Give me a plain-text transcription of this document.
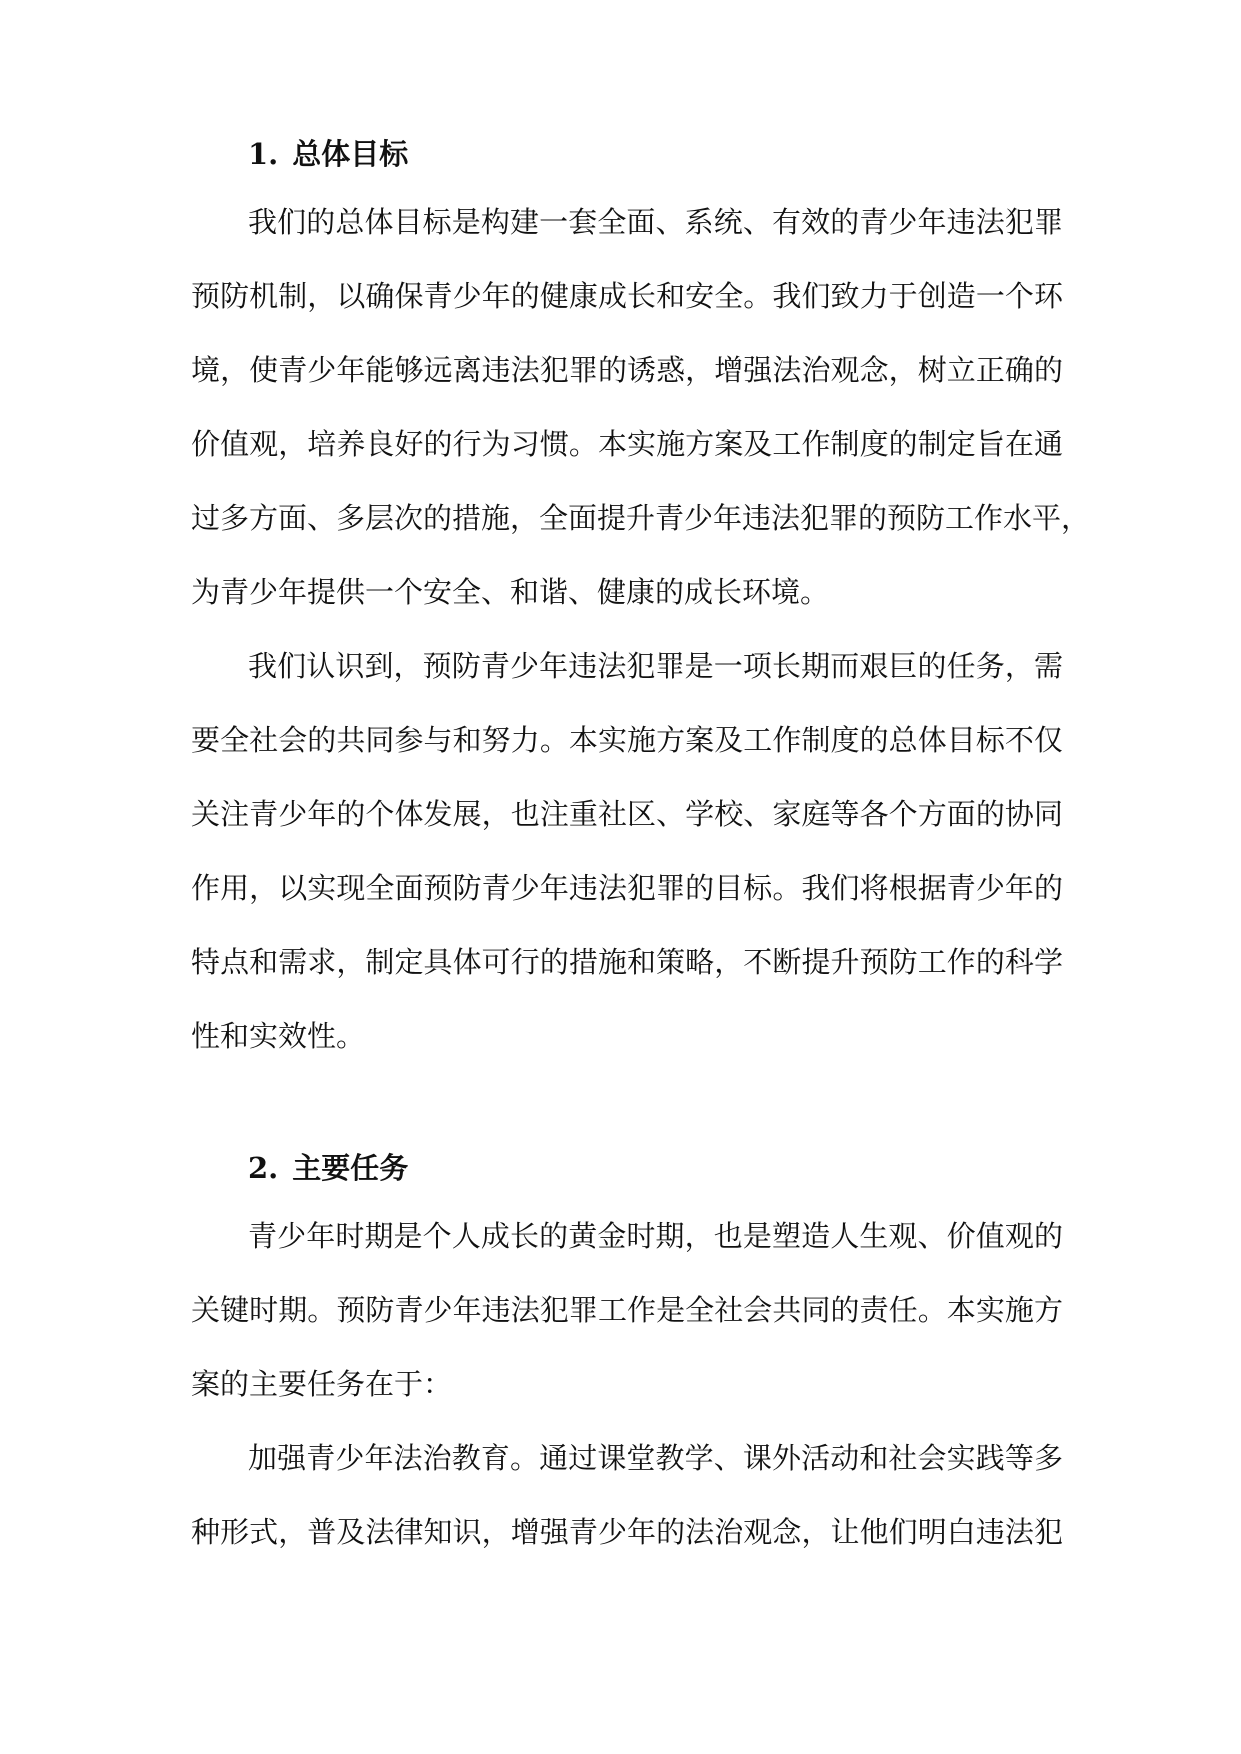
1. 总体目标
我们的总体目标是构建一套全面、系统、有效的青少年违法犯罪
预防机制，以确保青少年的健康成长和安全。我们致力于创造一个环
境，使青少年能够远离违法犯罪的诱惑，增强法治观念，树立正确的
价值观，培养良好的行为习惯。本实施方案及工作制度的制定旨在通
过多方面、多层次的措施，全面提升青少年违法犯罪的预防工作水平，
为青少年提供一个安全、和谐、健康的成长环境。
我们认识到，预防青少年违法犯罪是一项长期而艰巨的任务，需
要全社会的共同参与和努力。本实施方案及工作制度的总体目标不仅
关注青少年的个体发展，也注重社区、学校、家庭等各个方面的协同
作用，以实现全面预防青少年违法犯罪的目标。我们将根据青少年的
特点和需求，制定具体可行的措施和策略，不断提升预防工作的科学
性和实效性。
2. 主要任务
青少年时期是个人成长的黄金时期，也是塑造人生观、价值观的
关键时期。预防青少年违法犯罪工作是全社会共同的责任。本实施方
案的主要任务在于：
加强青少年法治教育。通过课堂教学、课外活动和社会实践等多
种形式，普及法律知识，增强青少年的法治观念，让他们明白违法犯
